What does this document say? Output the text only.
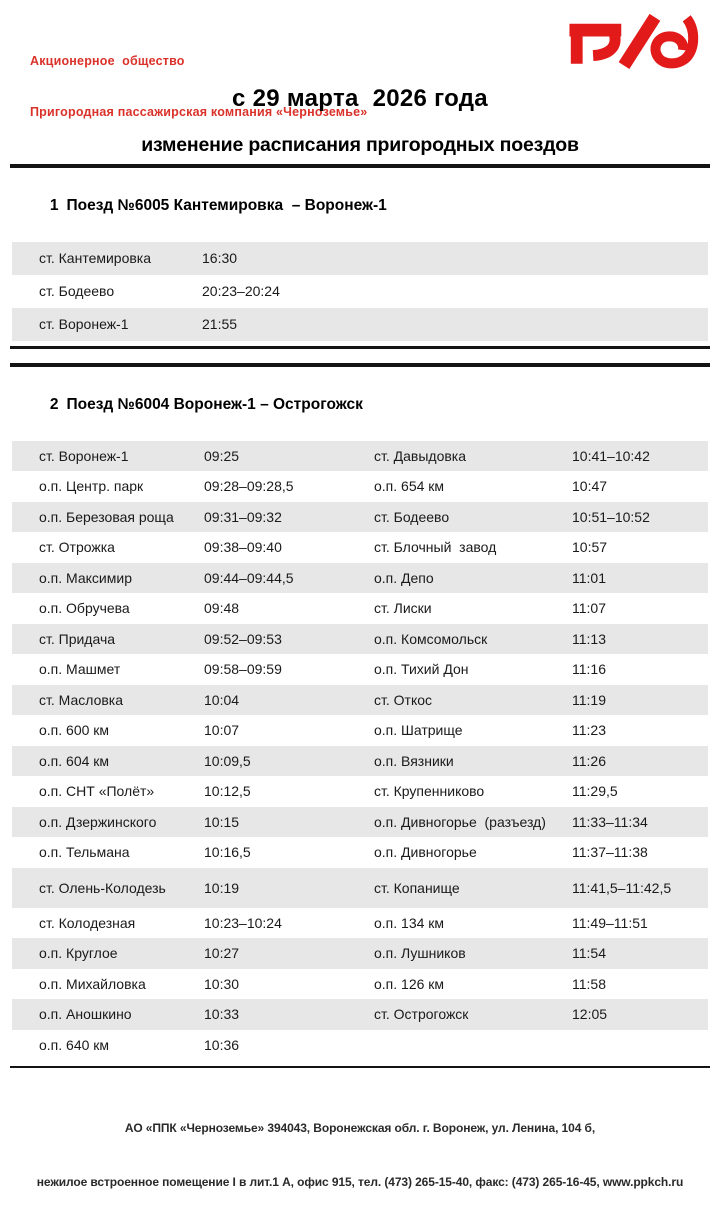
Акционерное  общество

Пригородная пассажирская компания «Черноземье»

с 29 марта  2026 года
изменение расписания пригородных поездов

1 Поезд №6005 Кантемировка  – Воронеж-1

ст. Кантемировка	16:30
ст. Бодеево	20:23–20:24
ст. Воронеж-1	21:55

2 Поезд №6004 Воронеж-1 – Острогожск

ст. Воронеж-1	09:25	ст. Давыдовка	10:41–10:42
о.п. Центр. парк	09:28–09:28,5	о.п. 654 км	10:47
о.п. Березовая роща	09:31–09:32	ст. Бодеево	10:51–10:52
ст. Отрожка	09:38–09:40	ст. Блочный  завод	10:57
о.п. Максимир	09:44–09:44,5	о.п. Депо	11:01
о.п. Обручева	09:48	ст. Лиски	11:07
ст. Придача	09:52–09:53	о.п. Комсомольск	11:13
о.п. Машмет	09:58–09:59	о.п. Тихий Дон	11:16
ст. Масловка	10:04	ст. Откос	11:19
о.п. 600 км	10:07	о.п. Шатрище	11:23
о.п. 604 км	10:09,5	о.п. Вязники	11:26
о.п. СНТ «Полёт»	10:12,5	ст. Крупенниково	11:29,5
о.п. Дзержинского	10:15	о.п. Дивногорье  (разъезд)	11:33–11:34
о.п. Тельмана	10:16,5	о.п. Дивногорье	11:37–11:38
ст. Олень-Колодезь	10:19	ст. Копанище	11:41,5–11:42,5
ст. Колодезная	10:23–10:24	о.п. 134 км	11:49–11:51
о.п. Круглое	10:27	о.п. Лушников	11:54
о.п. Михайловка	10:30	о.п. 126 км	11:58
о.п. Аношкино	10:33	ст. Острогожск	12:05
о.п. 640 км	10:36

АО «ППК «Черноземье» 394043, Воронежская обл. г. Воронеж, ул. Ленина, 104 б,

нежилое встроенное помещение I в лит.1 А, офис 915, тел. (473) 265-15-40, факс: (473) 265-16-45, www.ppkch.ru
